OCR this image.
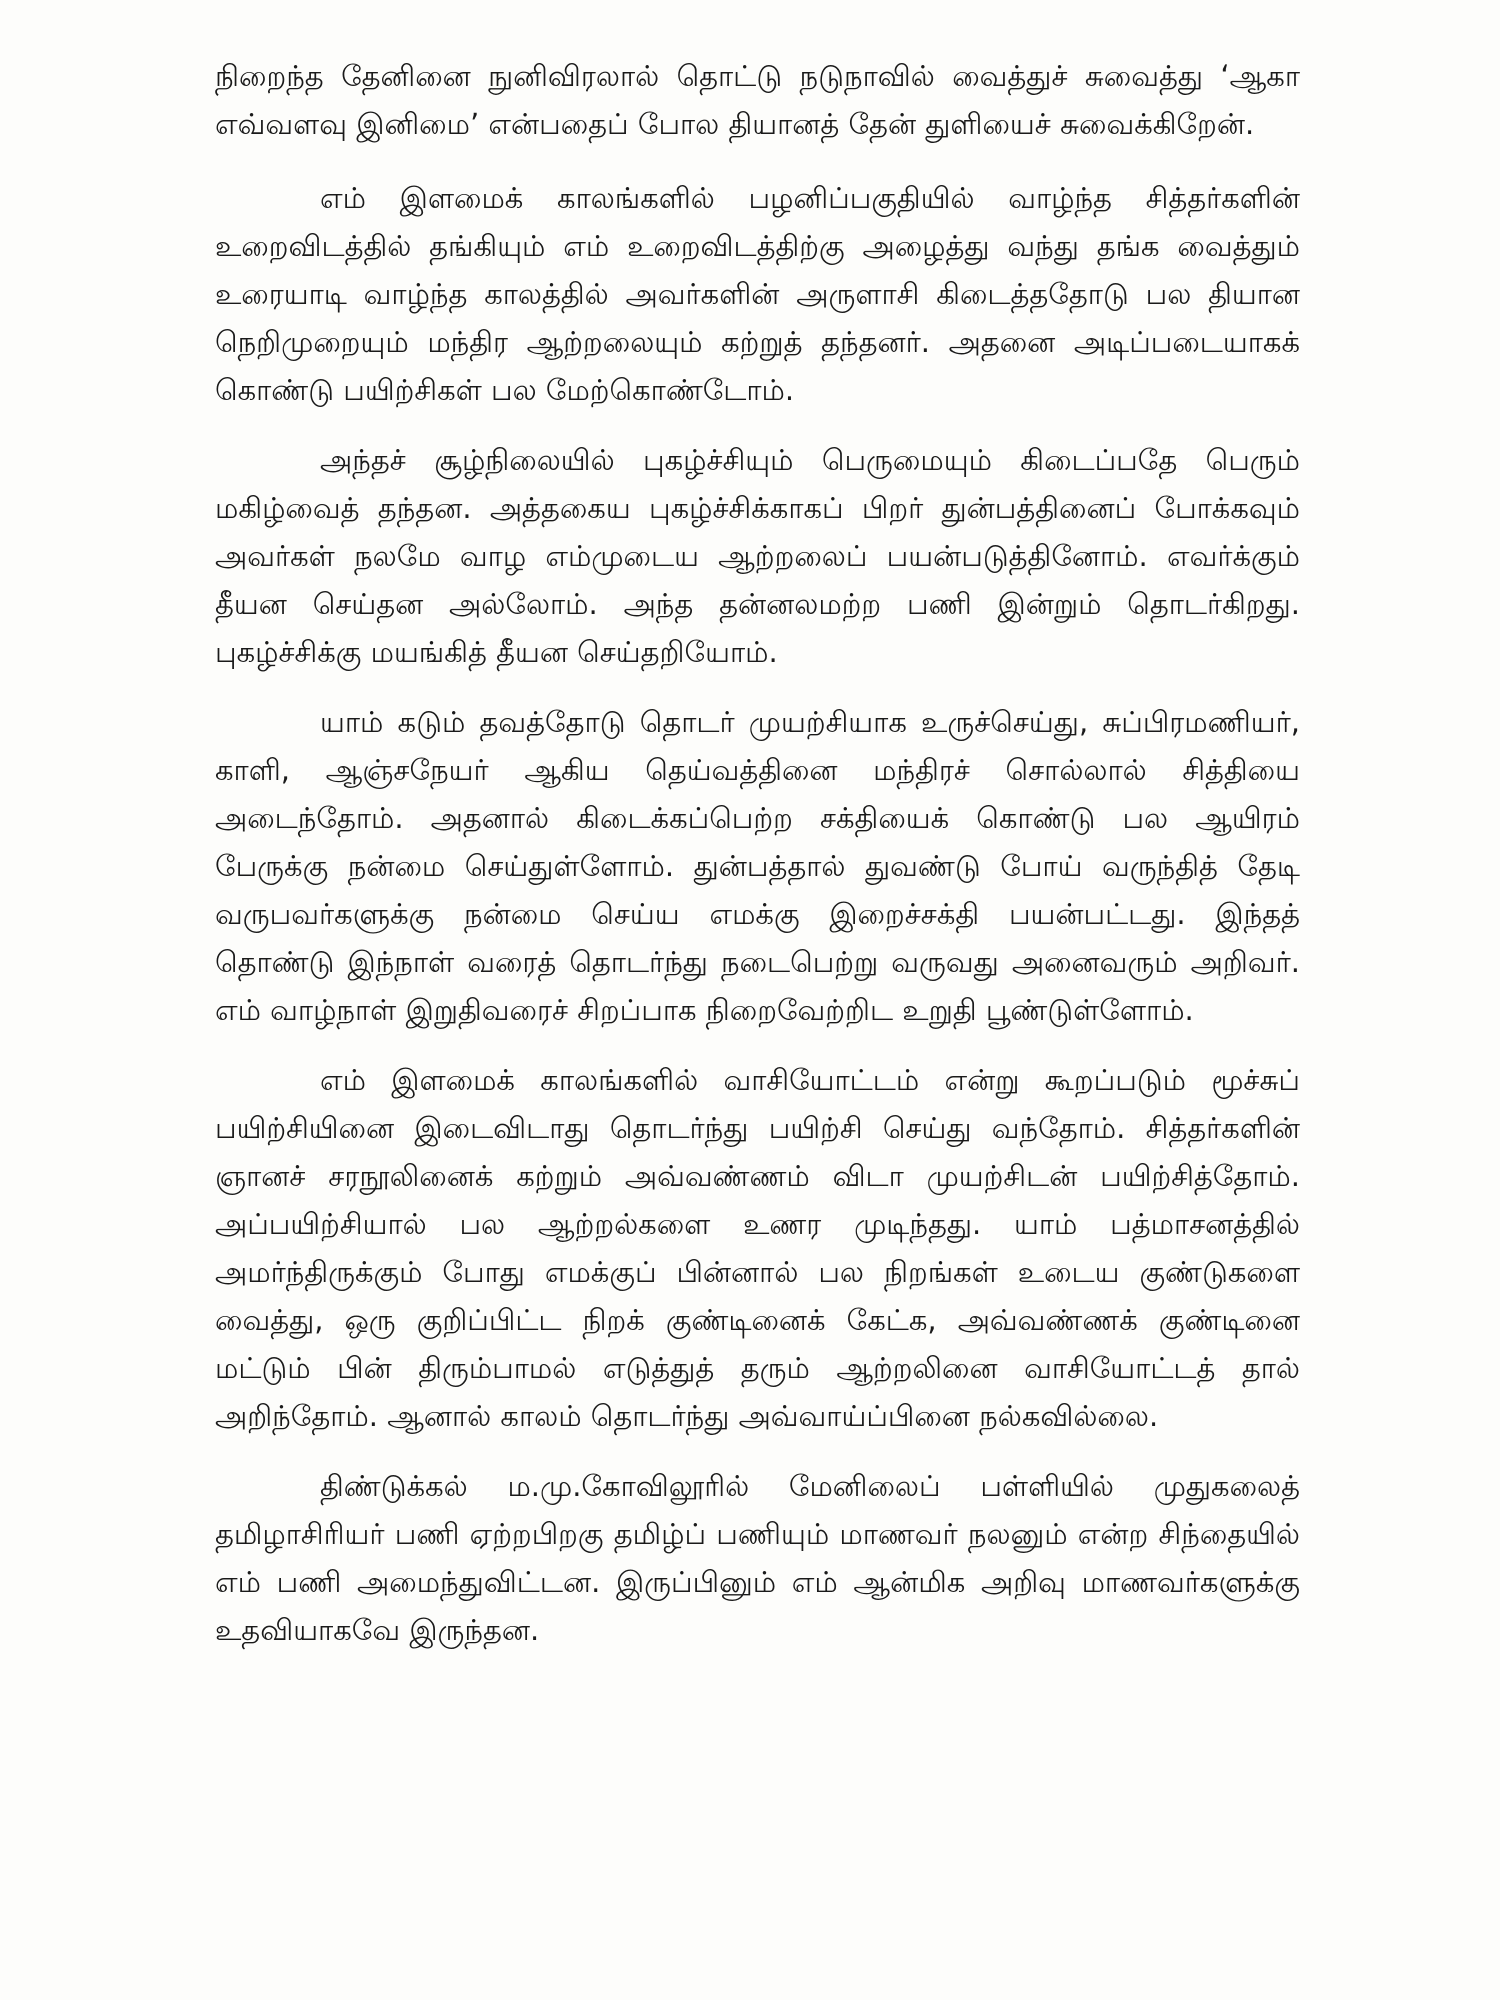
நிறைந்த தேனினை நுனிவிரலால் தொட்டு நடுநாவில் வைத்துச் சுவைத்து ‘ஆகா எவ்வளவு இனிமை’ என்பதைப் போல தியானத் தேன் துளியைச் சுவைக்கிறேன்.

எம் இளமைக் காலங்களில் பழனிப்பகுதியில் வாழ்ந்த சித்தர்களின் உறைவிடத்தில் தங்கியும் எம் உறைவிடத்திற்கு அழைத்து வந்து தங்க வைத்தும் உரையாடி வாழ்ந்த காலத்தில் அவர்களின் அருளாசி கிடைத்ததோடு பல தியான நெறிமுறையும் மந்திர ஆற்றலையும் கற்றுத் தந்தனர். அதனை அடிப்படையாகக் கொண்டு பயிற்சிகள் பல மேற்கொண்டோம்.

அந்தச் சூழ்நிலையில் புகழ்ச்சியும் பெருமையும் கிடைப்பதே பெரும் மகிழ்வைத் தந்தன. அத்தகைய புகழ்ச்சிக்காகப் பிறர் துன்பத்தினைப் போக்கவும் அவர்கள் நலமே வாழ எம்முடைய ஆற்றலைப் பயன்படுத்தினோம். எவர்க்கும் தீயன செய்தன அல்லோம். அந்த தன்னலமற்ற பணி இன்றும் தொடர்கிறது. புகழ்ச்சிக்கு மயங்கித் தீயன செய்தறியோம்.

யாம் கடும் தவத்தோடு தொடர் முயற்சியாக உருச்செய்து, சுப்பிரமணியர், காளி, ஆஞ்சநேயர் ஆகிய தெய்வத்தினை மந்திரச் சொல்லால் சித்தியை அடைந்தோம். அதனால் கிடைக்கப்பெற்ற சக்தியைக் கொண்டு பல ஆயிரம் பேருக்கு நன்மை செய்துள்ளோம். துன்பத்தால் துவண்டு போய் வருந்தித் தேடி வருபவர்களுக்கு நன்மை செய்ய எமக்கு இறைச்சக்தி பயன்பட்டது. இந்தத் தொண்டு இந்நாள் வரைத் தொடர்ந்து நடைபெற்று வருவது அனைவரும் அறிவர். எம் வாழ்நாள் இறுதிவரைச் சிறப்பாக நிறைவேற்றிட உறுதி பூண்டுள்ளோம்.

எம் இளமைக் காலங்களில் வாசியோட்டம் என்று கூறப்படும் மூச்சுப் பயிற்சியினை இடைவிடாது தொடர்ந்து பயிற்சி செய்து வந்தோம். சித்தர்களின் ஞானச் சரநூலினைக் கற்றும் அவ்வண்ணம் விடா முயற்சிடன் பயிற்சித்தோம். அப்பயிற்சியால் பல ஆற்றல்களை உணர முடிந்தது. யாம் பத்மாசனத்தில் அமர்ந்திருக்கும் போது எமக்குப் பின்னால் பல நிறங்கள் உடைய குண்டுகளை வைத்து, ஒரு குறிப்பிட்ட நிறக் குண்டினைக் கேட்க, அவ்வண்ணக் குண்டினை மட்டும் பின் திரும்பாமல் எடுத்துத் தரும் ஆற்றலினை வாசியோட்டத் தால் அறிந்தோம். ஆனால் காலம் தொடர்ந்து அவ்வாய்ப்பினை நல்கவில்லை.

திண்டுக்கல் ம.மு.கோவிலூரில் மேனிலைப் பள்ளியில் முதுகலைத் தமிழாசிரியர் பணி ஏற்றபிறகு தமிழ்ப் பணியும் மாணவர் நலனும் என்ற சிந்தையில் எம் பணி அமைந்துவிட்டன. இருப்பினும் எம் ஆன்மிக அறிவு மாணவர்களுக்கு உதவியாகவே இருந்தன.
